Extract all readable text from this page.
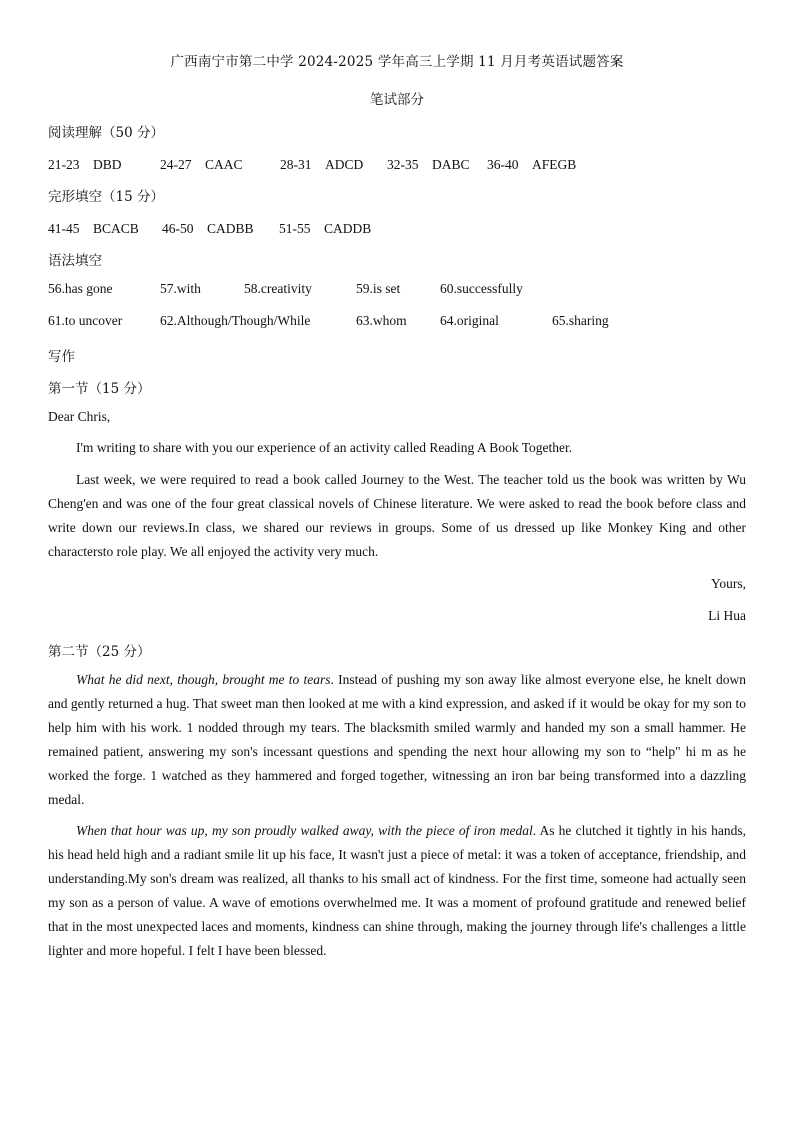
广西南宁市第二中学 2024-2025 学年高三上学期 11 月月考英语试题答案
笔试部分
阅读理解（50 分）
21-23　DBD	24-27　CAAC	28-31　ADCD 32-35　DABC 36-40　AFEGB
完形填空（15 分）
41-45　BCACB 46-50　CADBB 51-55　CADDB
语法填空
56.has gone	57.with	58.creativity	59.is set	60.successfully
61.to uncover	62.Although/Though/While	63.whom 64.original	65.sharing
写作
第一节（15 分）
Dear Chris,

I'm writing to share with you our experience of an activity called Reading A Book Together.

Last week, we were required to read a book called Journey to the West. The teacher told us the book was written by Wu Cheng'en and was one of the four great classical novels of Chinese literature. We were asked to read the book before class and write down our reviews.In class, we shared our reviews in groups. Some of us dressed up like Monkey King and other charactersto role play. We all enjoyed the activity very much.

Yours,
Li Hua
第二节（25 分）

What he did next, though, brought me to tears. Instead of pushing my son away like almost everyone else, he knelt down and gently returned a hug. That sweet man then looked at me with a kind expression, and asked if it would be okay for my son to help him with his work. 1 nodded through my tears. The blacksmith smiled warmly and handed my son a small hammer. He remained patient, answering my son's incessant questions and spending the next hour allowing my son to “help" hi m as he worked the forge. 1 watched as they hammered and forged together, witnessing an iron bar being transformed into a dazzling medal.

When that hour was up, my son proudly walked away, with the piece of iron medal. As he clutched it tightly in his hands, his head held high and a radiant smile lit up his face, It wasn't just a piece of metal: it was a token of acceptance, friendship, and understanding.My son's dream was realized, all thanks to his small act of kindness. For the first time, someone had actually seen my son as a person of value. A wave of emotions overwhelmed me. It was a moment of profound gratitude and renewed belief that in the most unexpected laces and moments, kindness can shine through, making the journey through life's challenges a little lighter and more hopeful. I felt I have been blessed.
